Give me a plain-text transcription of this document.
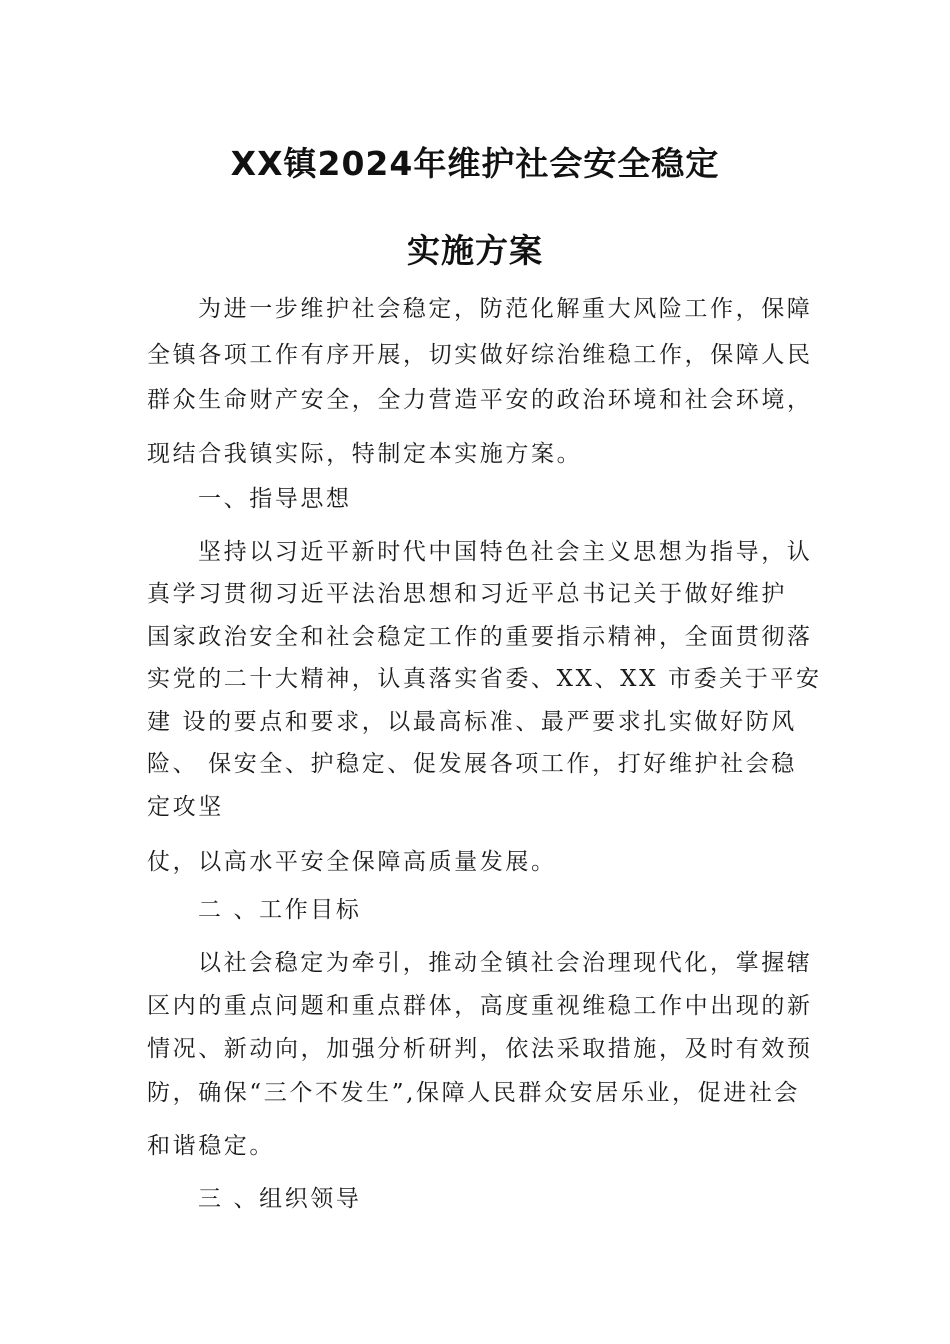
XX镇2024年维护社会安全稳定
实施方案
为进一步维护社会稳定，防范化解重大风险工作，保障
全镇各项工作有序开展，切实做好综治维稳工作，保障人民
群众生命财产安全，全力营造平安的政治环境和社会环境，
现结合我镇实际，特制定本实施方案。
一、指导思想
坚持以习近平新时代中国特色社会主义思想为指导，认
真学习贯彻习近平法治思想和习近平总书记关于做好维护
国家政治安全和社会稳定工作的重要指示精神，全面贯彻落
实党的二十大精神，认真落实省委、XX、XX 市委关于平安
建 设的要点和要求，以最高标准、最严要求扎实做好防风
险、 保安全、护稳定、促发展各项工作，打好维护社会稳
定攻坚
仗，以高水平安全保障高质量发展。
二 、工作目标
以社会稳定为牵引，推动全镇社会治理现代化，掌握辖
区内的重点问题和重点群体，高度重视维稳工作中出现的新
情况、新动向，加强分析研判，依法采取措施，及时有效预
防，确保“三个不发生”,保障人民群众安居乐业，促进社会
和谐稳定。
三 、组织领导
